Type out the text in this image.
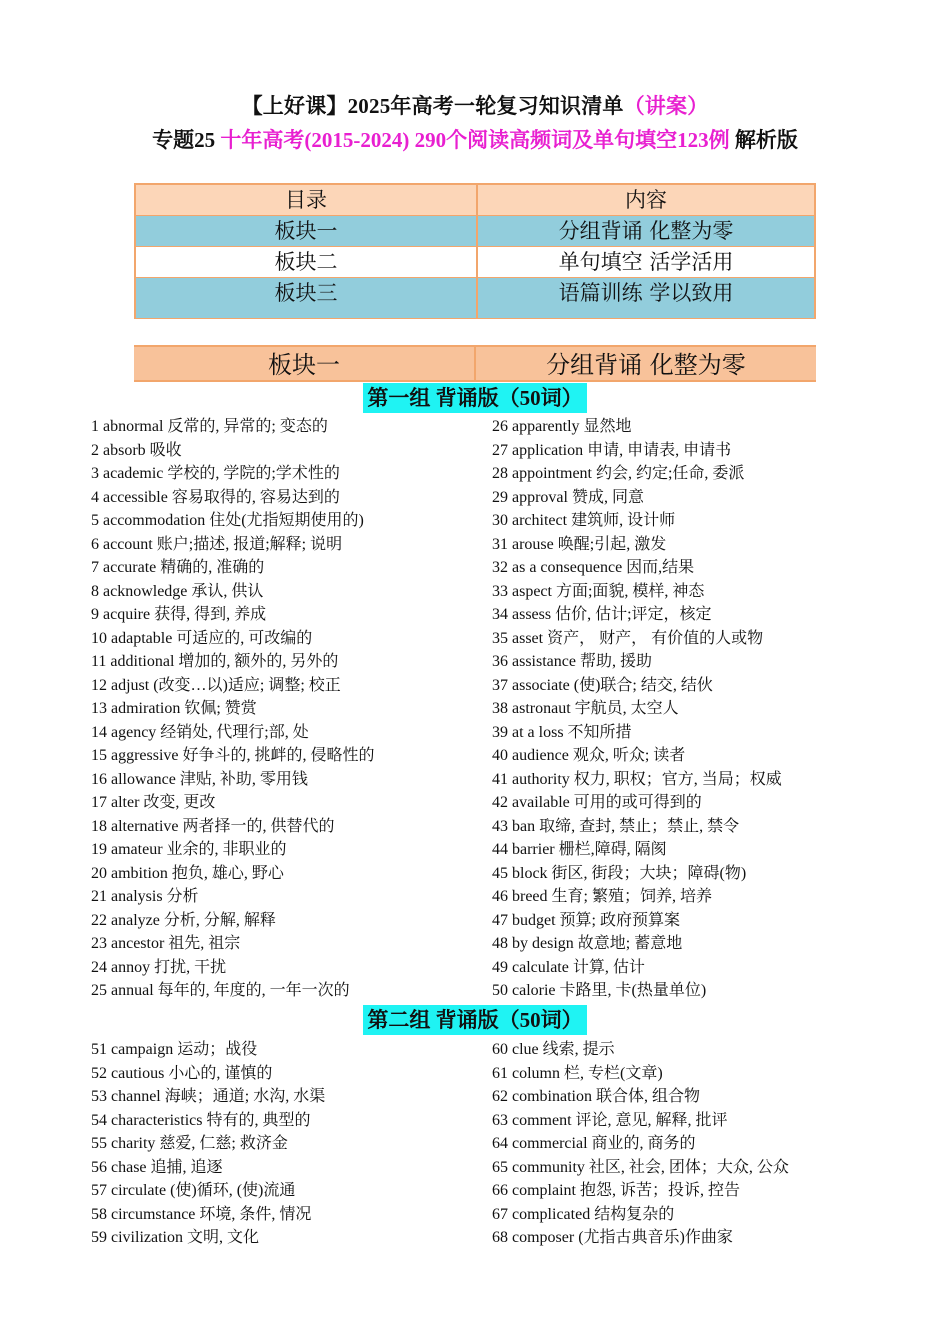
【上好课】2025年高考一轮复习知识清单（讲案）
专题25 十年高考(2015-2024) 290个阅读高频词及单句填空123例 解析版
目录	内容
板块一	分组背诵 化整为零
板块二	单句填空 活学活用
板块三	语篇训练 学以致用
板块一	分组背诵 化整为零
第一组 背诵版（50词）
1 abnormal 反常的, 异常的; 变态的
2 absorb 吸收
3 academic 学校的, 学院的;学术性的
4 accessible 容易取得的, 容易达到的
5 accommodation 住处(尤指短期使用的)
6 account 账户;描述, 报道;解释; 说明
7 accurate 精确的, 准确的
8 acknowledge 承认, 供认
9 acquire 获得, 得到, 养成
10 adaptable 可适应的, 可改编的
11 additional 增加的, 额外的, 另外的
12 adjust (改变…以)适应; 调整; 校正
13 admiration 钦佩; 赞赏
14 agency 经销处, 代理行;部, 处
15 aggressive 好争斗的, 挑衅的, 侵略性的
16 allowance 津贴, 补助, 零用钱
17 alter 改变, 更改
18 alternative 两者择一的, 供替代的
19 amateur 业余的, 非职业的
20 ambition 抱负, 雄心, 野心
21 analysis 分析
22 analyze 分析, 分解, 解释
23 ancestor 祖先, 祖宗
24 annoy 打扰, 干扰
25 annual 每年的, 年度的, 一年一次的
26 apparently 显然地
27 application 申请, 申请表, 申请书
28 appointment 约会, 约定;任命, 委派
29 approval 赞成, 同意
30 architect 建筑师, 设计师
31 arouse 唤醒;引起, 激发
32 as a consequence 因而,结果
33 aspect 方面;面貌, 模样, 神态
34 assess 估价, 估计;评定，核定
35 asset 资产， 财产， 有价值的人或物
36 assistance 帮助, 援助
37 associate (使)联合; 结交, 结伙
38 astronaut 宇航员, 太空人
39 at a loss 不知所措
40 audience 观众, 听众; 读者
41 authority 权力, 职权；官方, 当局；权威
42 available 可用的或可得到的
43 ban 取缔, 查封, 禁止；禁止, 禁令
44 barrier 栅栏,障碍, 隔阂
45 block 街区, 街段；大块；障碍(物)
46 breed 生育; 繁殖；饲养, 培养
47 budget 预算; 政府预算案
48 by design 故意地; 蓄意地
49 calculate 计算, 估计
50 calorie 卡路里, 卡(热量单位)
第二组 背诵版（50词）
51 campaign 运动；战役
52 cautious 小心的, 谨慎的
53 channel 海峡；通道; 水沟, 水渠
54 characteristics 特有的, 典型的
55 charity 慈爱, 仁慈; 救济金
56 chase 追捕, 追逐
57 circulate (使)循环, (使)流通
58 circumstance 环境, 条件, 情况
59 civilization 文明, 文化
60 clue 线索, 提示
61 column 栏, 专栏(文章)
62 combination 联合体, 组合物
63 comment 评论, 意见, 解释, 批评
64 commercial 商业的, 商务的
65 community 社区, 社会, 团体；大众, 公众
66 complaint 抱怨, 诉苦；投诉, 控告
67 complicated 结构复杂的
68 composer (尤指古典音乐)作曲家
